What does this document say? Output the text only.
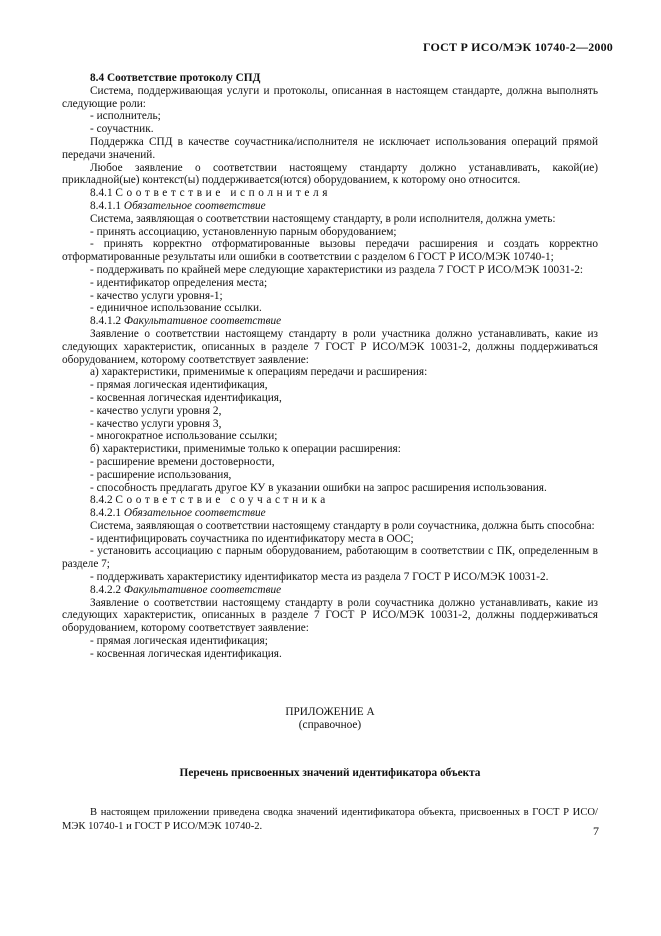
ГОСТ Р ИСО/МЭК 10740-2—2000

8.4 Соответствие протоколу СПД

Система, поддерживающая услуги и протоколы, описанная в настоящем стандарте, должна выполнять следующие роли:

- исполнитель;

- соучастник.

Поддержка СПД в качестве соучастника/исполнителя не исключает использования операций прямой передачи значений.

Любое заявление о соответствии настоящему стандарту должно устанавливать, какой(ие) прикладной(ые) контекст(ы) поддерживается(ются) оборудованием, к которому оно относится.

8.4.1 Соответствие исполнителя

8.4.1.1 Обязательное соответствие

Система, заявляющая о соответствии настоящему стандарту, в роли исполнителя, должна уметь:

- принять ассоциацию, установленную парным оборудованием;

- принять корректно отформатированные вызовы передачи расширения и создать корректно отформатированные результаты или ошибки в соответствии с разделом 6 ГОСТ Р ИСО/МЭК 10740-1;

- поддерживать по крайней мере следующие характеристики из раздела 7 ГОСТ Р ИСО/МЭК 10031-2:

- идентификатор определения места;

- качество услуги уровня-1;

- единичное использование ссылки.

8.4.1.2 Факультативное соответствие

Заявление о соответствии настоящему стандарту в роли участника должно устанавливать, какие из следующих характеристик, описанных в разделе 7 ГОСТ Р ИСО/МЭК 10031-2, должны поддерживаться оборудованием, которому соответствует заявление:

а) характеристики, применимые к операциям передачи и расширения:

- прямая логическая идентификация,

- косвенная логическая идентификация,

- качество услуги уровня 2,

- качество услуги уровня 3,

- многократное использование ссылки;

б) характеристики, применимые только к операции расширения:

- расширение времени достоверности,

- расширение использования,

- способность предлагать другое КУ в указании ошибки на запрос расширения использования.

8.4.2 Соответствие соучастника

8.4.2.1 Обязательное соответствие

Система, заявляющая о соответствии настоящему стандарту в роли соучастника, должна быть способна:

- идентифицировать соучастника по идентификатору места в ООС;

- установить ассоциацию с парным оборудованием, работающим в соответствии с ПК, определенным в разделе 7;

- поддерживать характеристику идентификатор места из раздела 7 ГОСТ Р ИСО/МЭК 10031-2.

8.4.2.2 Факультативное соответствие

Заявление о соответствии настоящему стандарту в роли соучастника должно устанавливать, какие из следующих характеристик, описанных в разделе 7 ГОСТ Р ИСО/МЭК 10031-2, должны поддерживаться оборудованием, которому соответствует заявление:

- прямая логическая идентификация;

- косвенная логическая идентификация.

ПРИЛОЖЕНИЕ А
(справочное)
Перечень присвоенных значений идентификатора объекта

В настоящем приложении приведена сводка значений идентификатора объекта, присвоенных в ГОСТ Р ИСО/МЭК 10740-1 и ГОСТ Р ИСО/МЭК 10740-2.	7
